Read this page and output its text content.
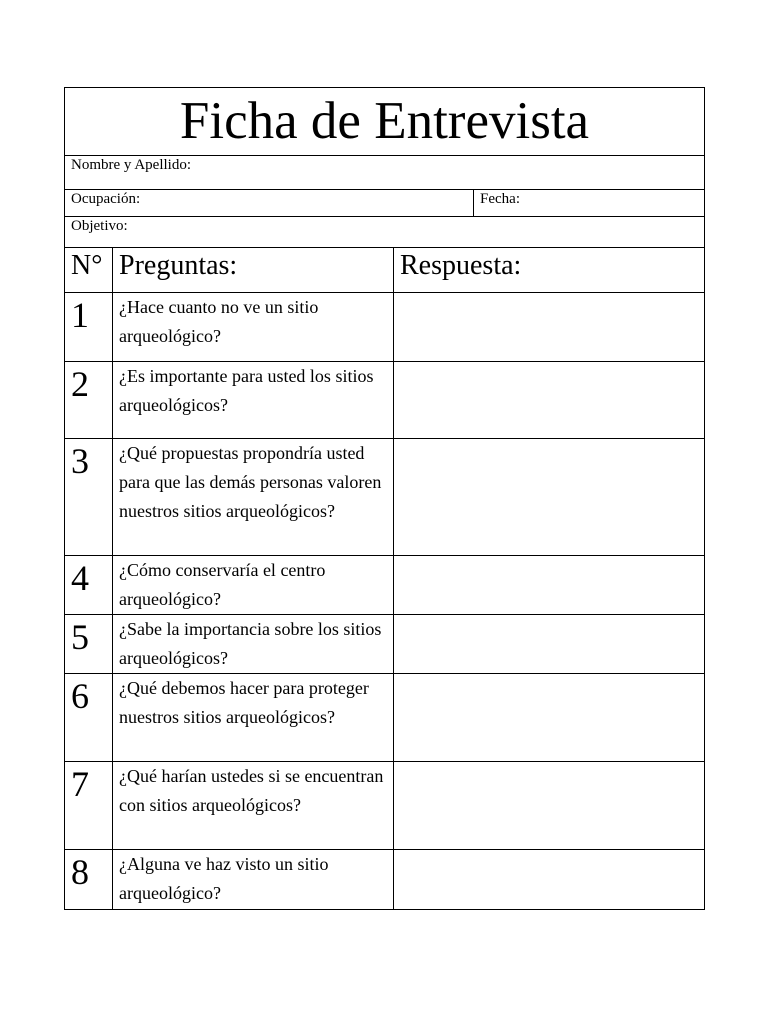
Ficha de Entrevista

Nombre y Apellido:
Ocupación:	Fecha:
Objetivo:
N°	Preguntas:	Respuesta:
1	¿Hace cuanto no ve un sitio arqueológico?	
2	¿Es importante para usted los sitios arqueológicos?	
3	¿Qué propuestas propondría usted para que las demás personas valoren nuestros sitios arqueológicos?	
4	¿Cómo conservaría el centro arqueológico?	
5	¿Sabe la importancia sobre los sitios arqueológicos?	
6	¿Qué debemos hacer para proteger nuestros sitios arqueológicos?	
7	¿Qué harían ustedes si se encuentran con sitios arqueológicos?	
8	¿Alguna ve haz visto un sitio arqueológico?	
